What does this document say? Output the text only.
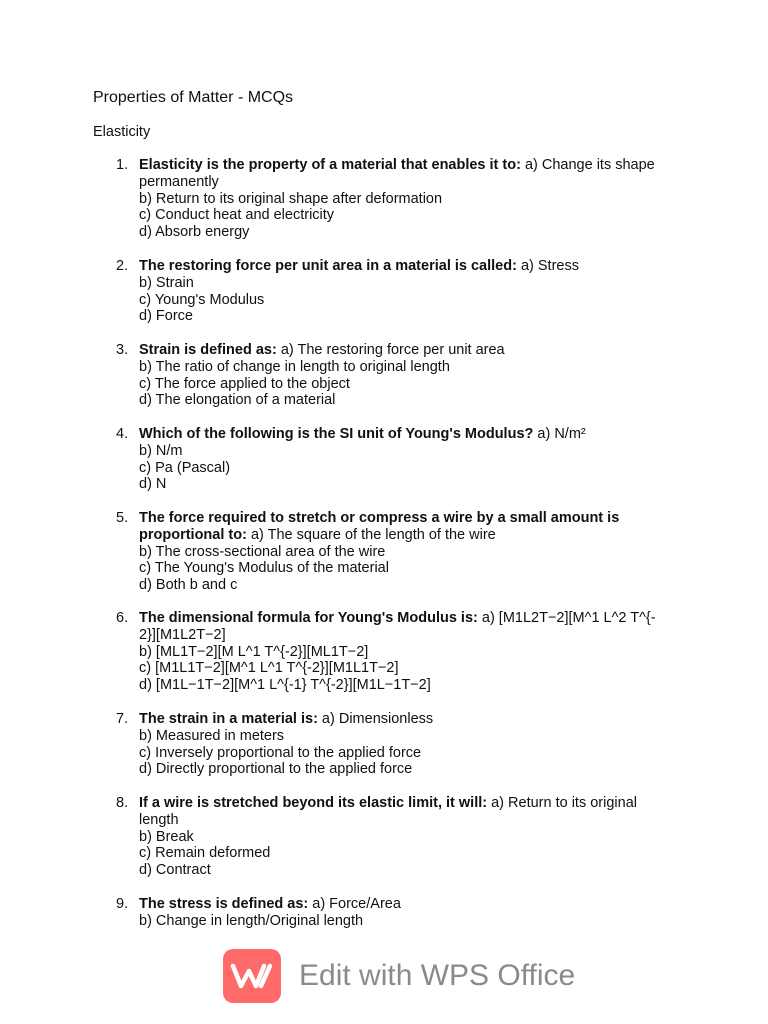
Properties of Matter - MCQs
Elasticity
1. Elasticity is the property of a material that enables it to: a) Change its shape
permanently
b) Return to its original shape after deformation
c) Conduct heat and electricity
d) Absorb energy
2. The restoring force per unit area in a material is called: a) Stress
b) Strain
c) Young's Modulus
d) Force
3. Strain is defined as: a) The restoring force per unit area
b) The ratio of change in length to original length
c) The force applied to the object
d) The elongation of a material
4. Which of the following is the SI unit of Young's Modulus? a) N/m²
b) N/m
c) Pa (Pascal)
d) N
5. The force required to stretch or compress a wire by a small amount is
proportional to: a) The square of the length of the wire
b) The cross-sectional area of the wire
c) The Young's Modulus of the material
d) Both b and c
6. The dimensional formula for Young's Modulus is: a) [M1L2T−2][M^1 L^2 T^{-
2}][M1L2T−2]
b) [ML1T−2][M L^1 T^{-2}][ML1T−2]
c) [M1L1T−2][M^1 L^1 T^{-2}][M1L1T−2]
d) [M1L−1T−2][M^1 L^{-1} T^{-2}][M1L−1T−2]
7. The strain in a material is: a) Dimensionless
b) Measured in meters
c) Inversely proportional to the applied force
d) Directly proportional to the applied force
8. If a wire is stretched beyond its elastic limit, it will: a) Return to its original
length
b) Break
c) Remain deformed
d) Contract
9. The stress is defined as: a) Force/Area
b) Change in length/Original length
Edit with WPS Office
